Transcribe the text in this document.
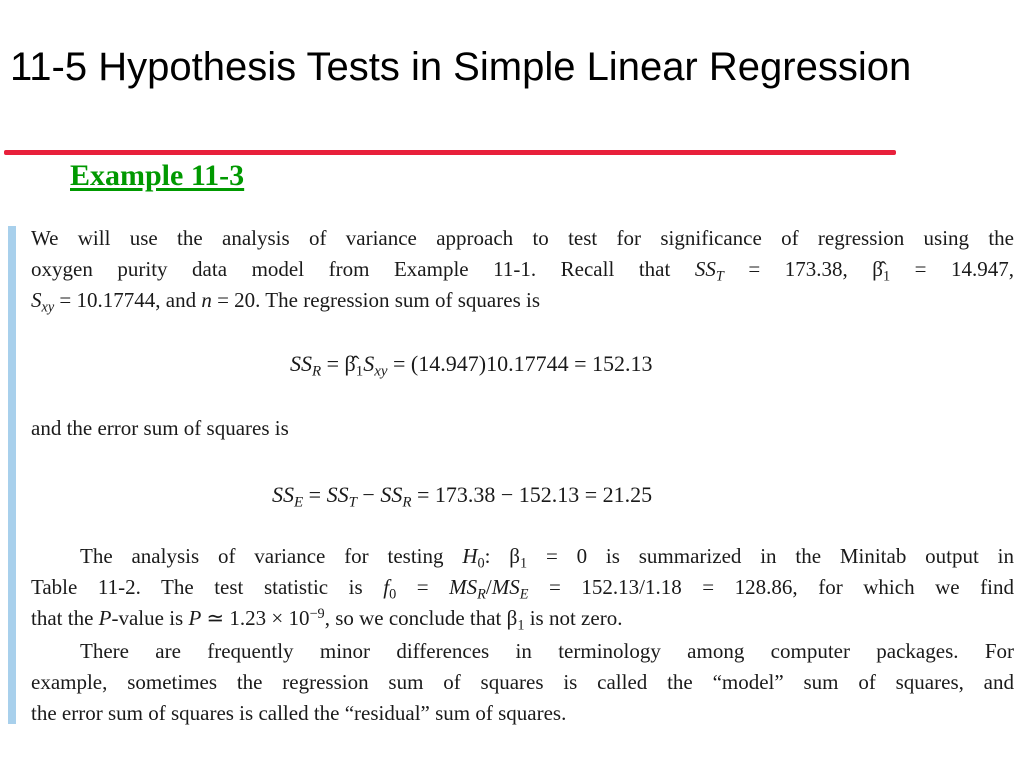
11-5 Hypothesis Tests in Simple Linear Regression
Example 11-3
We will use the analysis of variance approach to test for significance of regression using the
oxygen purity data model from Example 11-1. Recall that $SS_T = 173.38$, $\betâ_1 = 14.947$,
$S_{xy} = 10.17744$, and n = 20. The regression sum of squares is
$SS_R$ = $\betâ_1S_{xy} = (14.947)10.17744 = 152.13$
and the error sum of squares is
$SS_E = SS_T - SS_R = 173.38 - 152.13 = 21.25$
The analysis of variance for testing $H_0$: $\beta_1 = 0$ is summarized in the Minitab output in
Table 11-2. The test statistic is $f_0 = MS_R/MS_E = 152.13/1.18 = 128.86$, for which we find
that the P-value is P ≃ $1.23 \times 10^{-9}$, so we conclude that $\beta_1$ is not zero.
There are frequently minor differences in terminology among computer packages. For
example, sometimes the regression sum of squares is called the “model” sum of squares, and
the error sum of squares is called the “residual” sum of squares.
